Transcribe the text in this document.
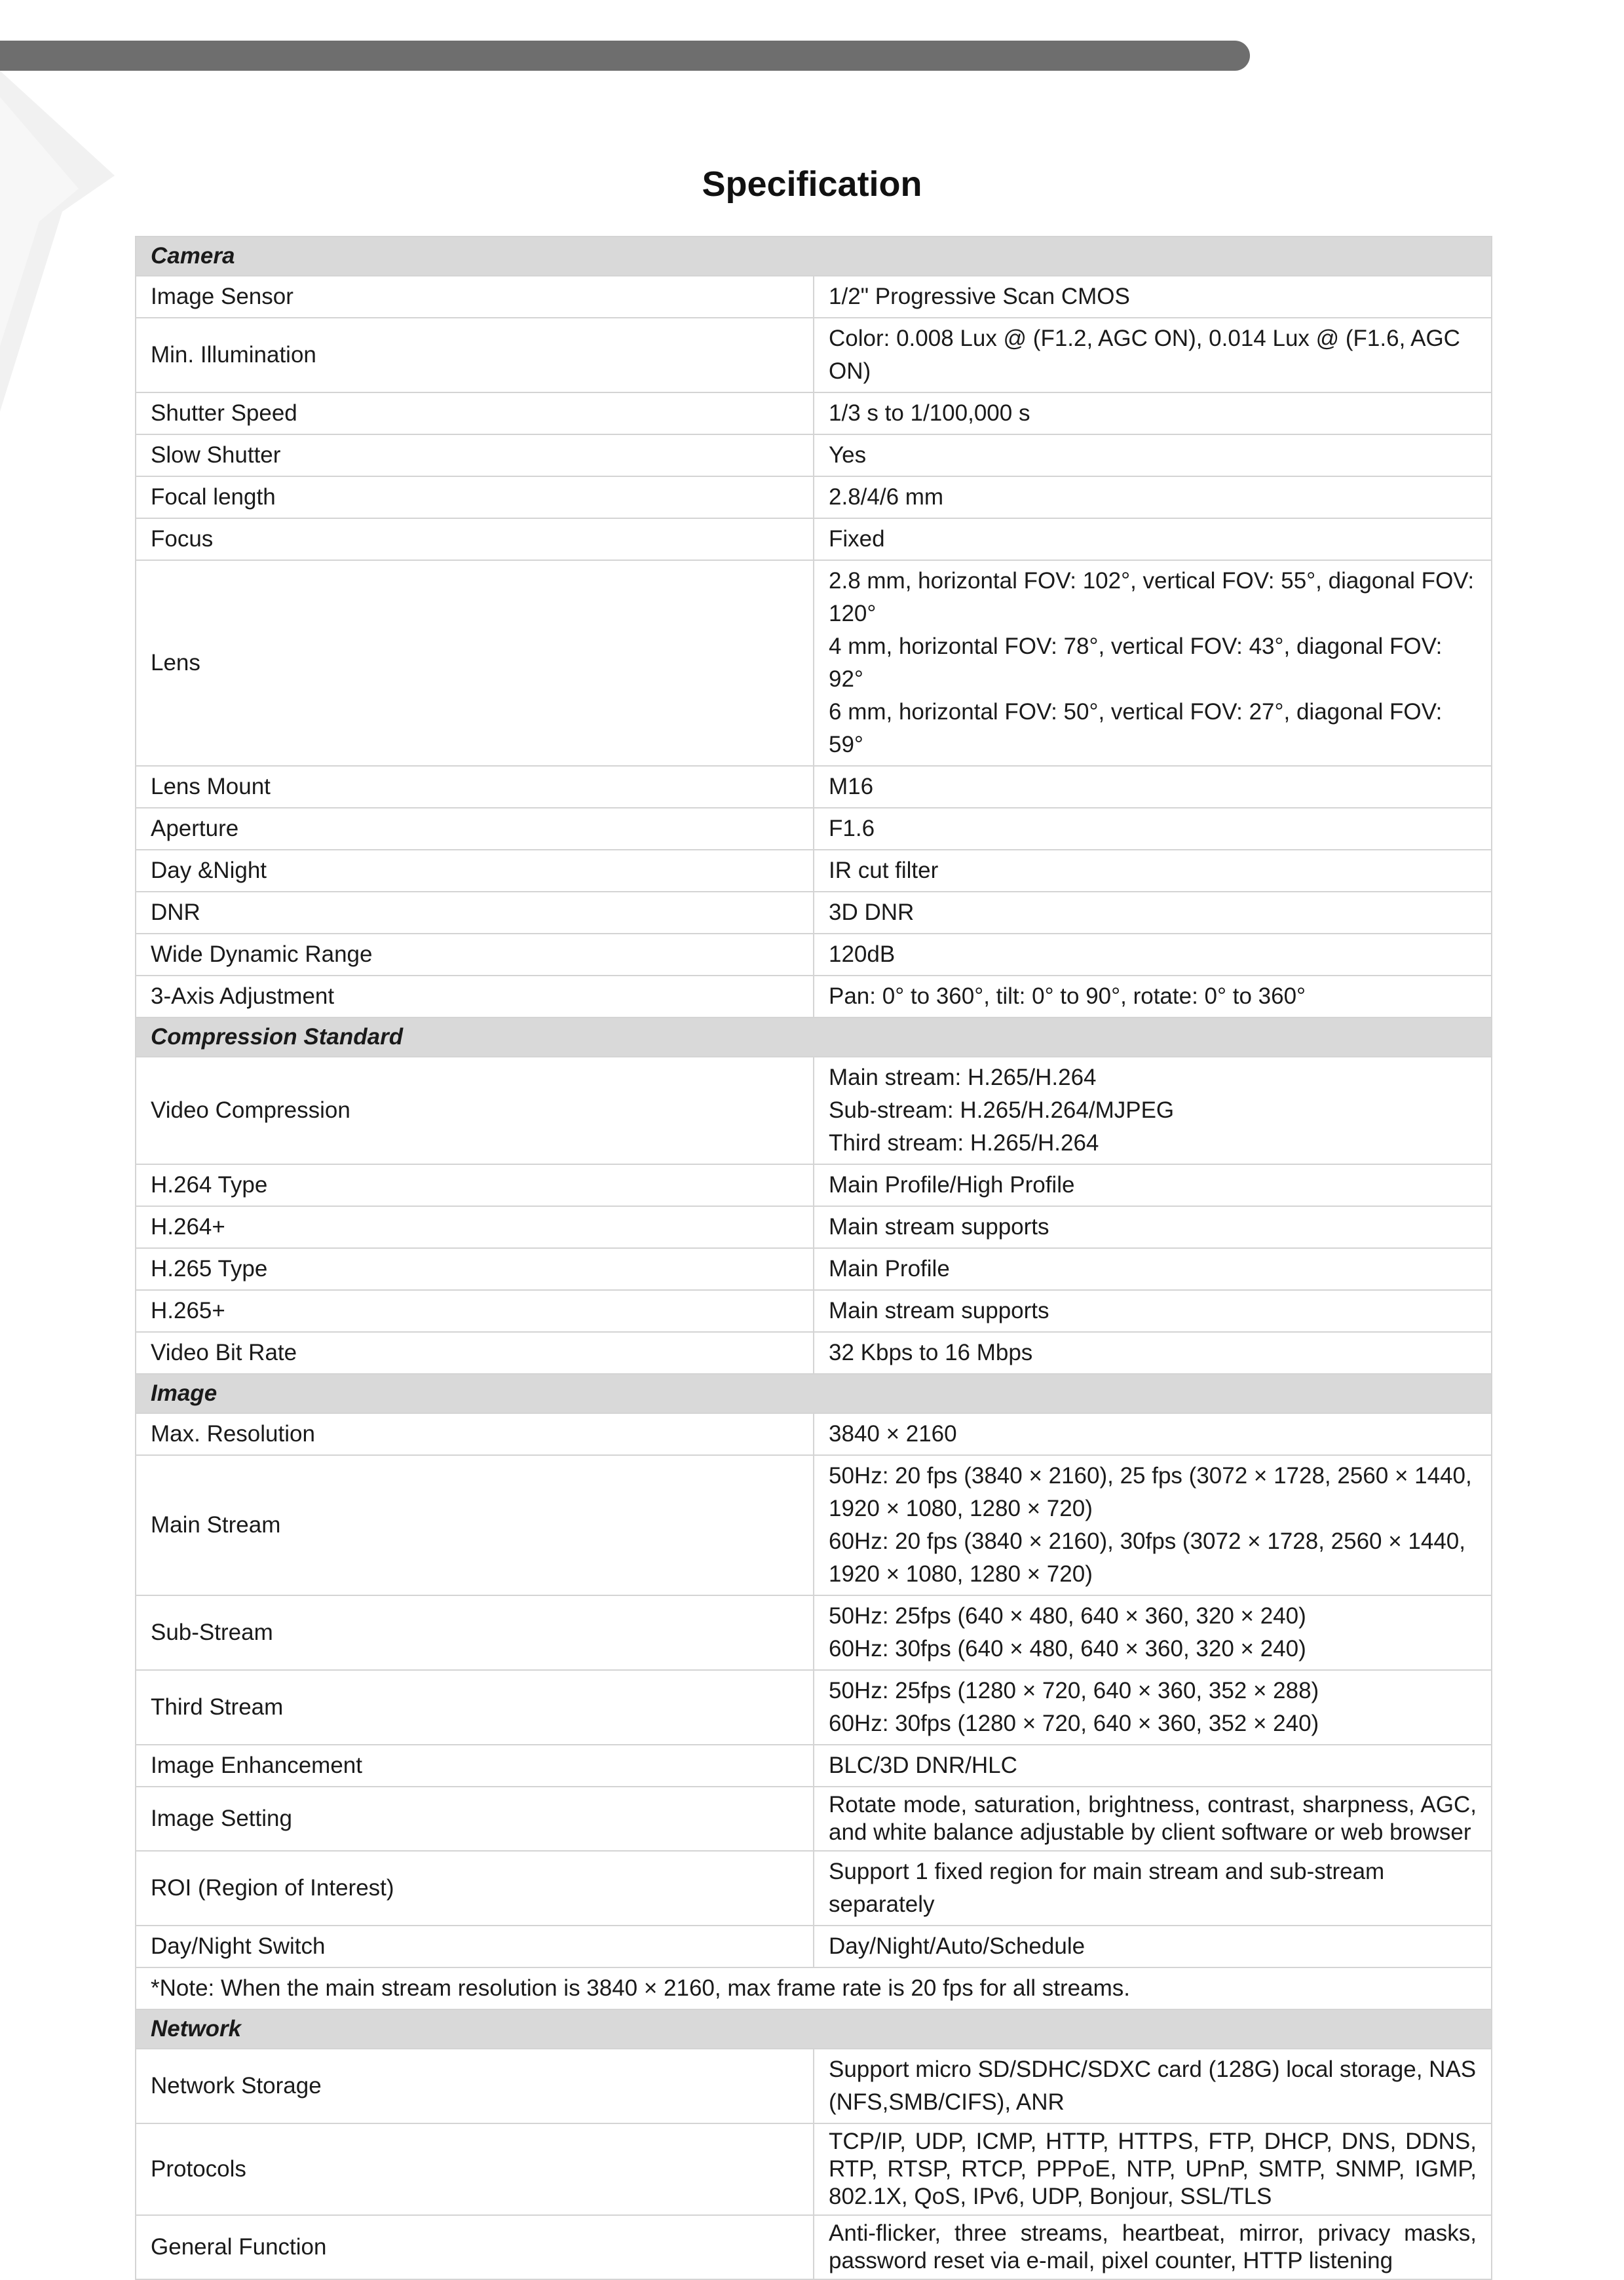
Specification
Camera	
Image Sensor	1/2" Progressive Scan CMOS

Min. Illumination	Color: 0.008 Lux @ (F1.2, AGC ON), 0.014 Lux @ (F1.6, AGC ON)

Shutter Speed	1/3 s to 1/100,000 s

Slow Shutter	Yes

Focal length	2.8/4/6 mm

Focus	Fixed

Lens	2.8 mm, horizontal FOV: 102°, vertical FOV: 55°, diagonal FOV: 120°
4 mm, horizontal FOV: 78°, vertical FOV: 43°, diagonal FOV: 92°
6 mm, horizontal FOV: 50°, vertical FOV: 27°, diagonal FOV: 59°

Lens Mount	M16

Aperture	F1.6

Day &Night	IR cut filter

DNR	3D DNR

Wide Dynamic Range	120dB

3-Axis Adjustment	Pan: 0° to 360°, tilt: 0° to 90°, rotate: 0° to 360°

Compression Standard	
Video Compression	Main stream: H.265/H.264
Sub-stream: H.265/H.264/MJPEG
Third stream: H.265/H.264

H.264 Type	Main Profile/High Profile

H.264+	Main stream supports

H.265 Type	Main Profile

H.265+	Main stream supports

Video Bit Rate	32 Kbps to 16 Mbps

Image	
Max. Resolution	3840 × 2160

Main Stream	50Hz: 20 fps (3840 × 2160), 25 fps (3072 × 1728, 2560 × 1440, 1920 × 1080, 1280 × 720)
60Hz: 20 fps (3840 × 2160), 30fps (3072 × 1728, 2560 × 1440, 1920 × 1080, 1280 × 720)

Sub-Stream	50Hz: 25fps (640 × 480, 640 × 360, 320 × 240)
60Hz: 30fps (640 × 480, 640 × 360, 320 × 240)

Third Stream	50Hz: 25fps (1280 × 720, 640 × 360, 352 × 288)
60Hz: 30fps (1280 × 720, 640 × 360, 352 × 240)

Image Enhancement	BLC/3D DNR/HLC

Image Setting	Rotate mode, saturation, brightness, contrast, sharpness, AGC, and white balance adjustable by client software or web browser

ROI (Region of Interest)	Support 1 fixed region for main stream and sub-stream separately

Day/Night Switch	Day/Night/Auto/Schedule

*Note: When the main stream resolution is 3840 × 2160, max frame rate is 20 fps for all streams.	
Network	
Network Storage	Support micro SD/SDHC/SDXC card (128G) local storage, NAS (NFS,SMB/CIFS), ANR

Protocols	TCP/IP, UDP, ICMP, HTTP, HTTPS, FTP, DHCP, DNS, DDNS, RTP, RTSP, RTCP, PPPoE, NTP, UPnP, SMTP, SNMP, IGMP, 802.1X, QoS, IPv6, UDP, Bonjour, SSL/TLS

General Function	Anti-flicker, three streams, heartbeat, mirror, privacy masks, password reset via e-mail, pixel counter, HTTP listening
